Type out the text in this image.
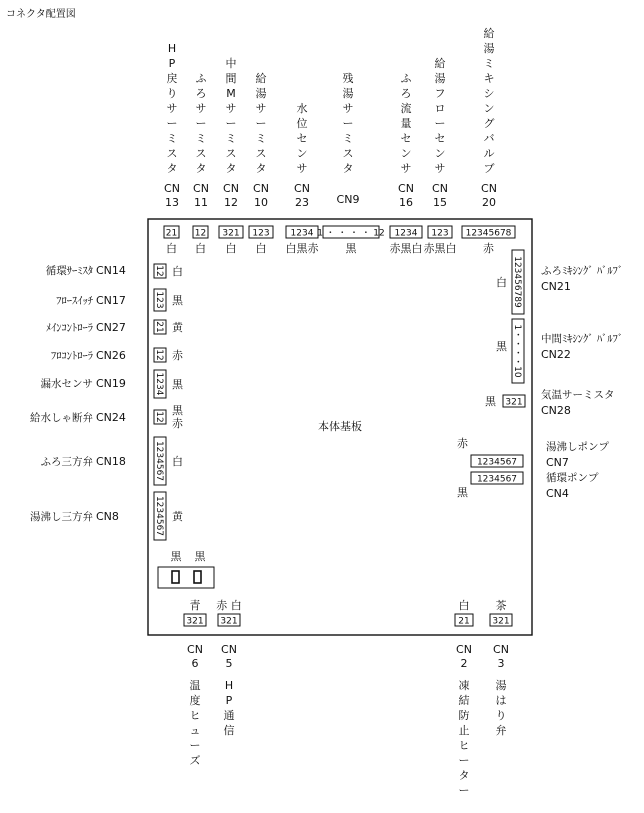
コネクタ配置図
本体基板
H P 戻りサーミスタ
CN
13
21
白
ふろサーミスタ
CN
11
12
白
中間 M サーミスタ
CN
12
321
白
給湯サーミスタ
CN
10
123
白
水位センサ
CN
23
1234
白黒赤
残湯サーミスタ
CN9
1 ・ ・ ・ ・ 12
黒
ふろ流量センサ
CN
16
1234
赤黒白
給湯フローセンサ
CN
15
123
赤黒白
給湯ミキシングバルブ
CN
20
12345678
赤
循環ｻｰﾐｽﾀ CN14	12 白
ﾌﾛｰｽｲｯﾁ CN17	123 黒
ﾒｲﾝｺﾝﾄﾛｰﾗ CN27	21 黄
ﾌﾛｺﾝﾄﾛｰﾗ CN26	12 赤
漏水センサ CN19	1234 黒
給水しゃ断弁 CN24	12 黒
赤
ふろ三方弁 CN18	1234567 白
湯沸し三方弁 CN8	1234567 黄
123456789
白
ふろﾐｷｼﾝｸﾞ ﾊﾞﾙﾌﾞ
CN21
1・・・・10
黒
中間ﾐｷｼﾝｸﾞ ﾊﾞﾙﾌﾞ
CN22
321
黒	気温サーミスタ
CN28
1234567
赤	湯沸しポンプ
CN7
1234567
黒
循環ポンプ
CN4
黒 黒
青
321
CN
6
温度ヒューズ
赤 白
321
CN
5
H P 通信
白
21
CN
2
凍結防止ヒーター
茶
321
CN
3
湯はり弁
